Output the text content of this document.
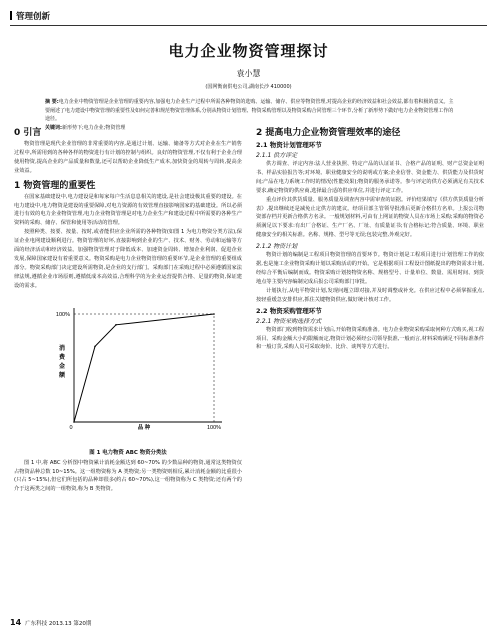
管理创新
电力企业物资管理探讨
袁小慧
(国网衡南供电公司,湖南长沙 410000)
摘 要:电力企业中物资管理是企业管理的重要内容,加强电力企业生产过程中所需各种物资的选购、运输、储存、供应等物资管理,对提高企业的经济效益和社会效益,都有着积极的意义。主要阐述了电力建设中物资管理的重要性及如何完善和规范物资管理体系,分别从物资计划管理、物资采购管理以及物资采购合同管理三个环节,分析了新形势下做好电力企业物资管理工作的途径。
关键词:新形势下;电力企业;物资管理
0 引言

物资管理是现代企业管理的非常重要的内容,是通过计划、运输、储备等方式对企业在生产销售过程中,所需用到的各种各样的物资进行有计划的控制与组织。良好的物资管理,不仅有利于企业合理使用物资,提高企业的产品质量和数量,还可以帮助企业降低生产成本,加快资金的周转与周转,提高企业效益。

1 物资管理的重要性

在国家基础建设中,电力建设是和每家每户生活息息相关的建设,是社会建设极其重要的建设。在电力建设中,电力物资是建设的重要保障,对电力资源的有效管理直接影响国家的基础建设。所以必须进行有效的电力企业物资管理,电力企业物资管理是对电力企业生产和建设过程中所需要的各种生产资料的采购、储存、保管和使用等活动的管理。

按照种类、按要、按量、按时,或者能供应企业所需的各种物资(如图 1 为电力物资分类方法),保证企业电网建设顺利进行。物资管理的好坏,直接影响到企业的生产、技术、财务、劳动和运输等方面的经济活动和经济效益。加强物资管理对于降低成本、加速资金周转、增加企业利润、促进企业发展,保障国家建设有着重要意义。物资采购是电力企业物资管理的重要环节,是企业管理的重要组成部分。物资采购部门决定建设所需物资,是企业的支行部门。采购部门在采购过程中必须遵循国家法律法规,遵循企业市场原则,遵循低成本高效益,合理科学的为企业运营提供合格、足量的物资,保证建设的需求。

100%
0	100%
品 种
消
费
金
额
图 1 电力物资 ABC 物资分类法

图 1 中,将 ABC 分析图中物资累计消耗金额达到 60~70% 的少数品种的物资,通常这类物资仅占物资品种总数 10~15%。这一组物资称为 A 类物资;另一类物资则相反,累计消耗金额的比重很小(只占 5~15%),但它们所包括的品种却很多(约占 60~70%),这一组物资称为 C 类物资;还有两个的介于这两类之间的一组物资,称为 B 类物资。

2 提高电力企业物资管理效率的途径
2.1 物资计划管理环节
2.1.1 供方评定

供方调查、评定内容:法人营业执照、特定产品的认证证书、合格产品的证明、财产总资金证明书、样品实验报告等;对环境、职业健康安全的说明或方案;企业信誉、资金能力、供货能力及供货时间;产品在电力系统工作时的情况(性能效果);物资的服务承诺等。参与评定的供方必须满足有关技术要求,确定物资的供应商,选择最合适的供应单位,并进行评定工作。

重点评价其供货质量、服务质量及调查内容中需审查的证据。评价结果填写《供方供货质量分析表》,提出继续还是减免止定供方的建议。经项目部主管领导批准后更新合格供方名单。上报公司物资部存档并更新合格供方名录。一般规划材料,可由有上网证的物资人员在市场上采购;采购的物资必须满足以下要求:有出厂合格证、生产厂名、厂址、有质量证书;有合格标记;符合质量、环境、职业健康安全的相关标准。名称、规格、型号等无误;包装完整,外观完好。

2.1.2 物资计划

物资计划的编制是工程项目物资管理的首要环节。物资计划是工程项目进行计划管理工作的依据,也是施工企业物资采购计划以采购活动的开始。它是根据项目工程设计图纸提出的物资需求计划,经综合平衡后编制而成。物资采购计划按物资名称、规格型号、计量单位、数量、需用时间、到货地点等主要内容编制完成后报公司采购部门审批。

计划执行,从电平物资计划,发现问题立即对接,并及时调整或补充。在供应过程中必须掌握重点,按轻重缓急安排供应,抓住关键物资供应,做好统计核对工作。

2.2 物资采购管理环节
2.2.1 物资采购选择方式

物资部门收到物资需求计划后,开始物资采购准备。电力企业物资采购采取何种方式购买,视工程项目、采购金额大小的限额而定,物资计划必须经公司领导批准,一般而言,材料采购满足不同标准条件和一般订货,采购人员可采取询价、比价、谈判等方式进行。

14 广东科技 2013.13 第20期
